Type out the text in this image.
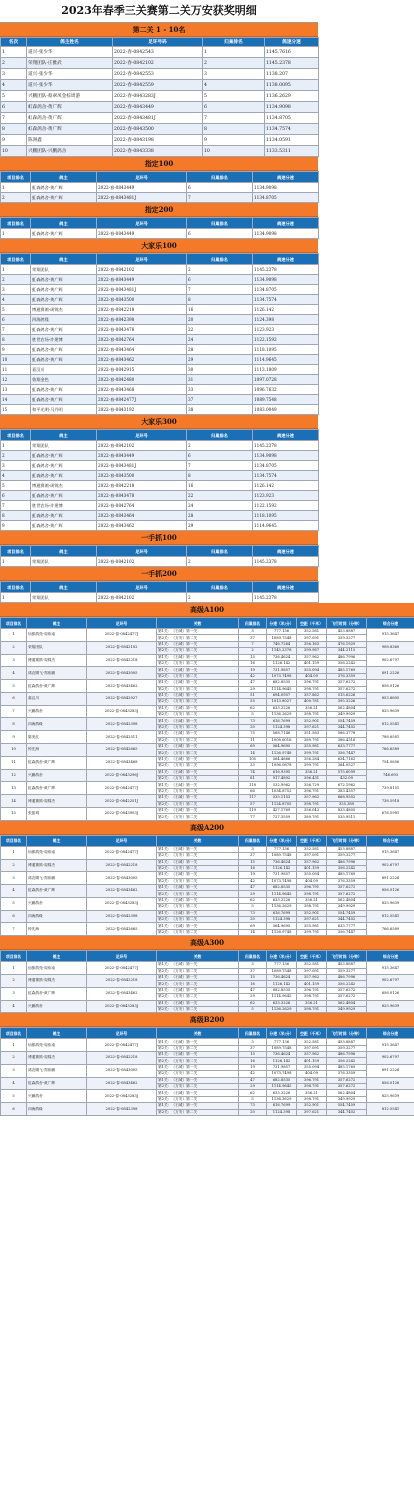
2023年春季三关赛第二关万安获奖明细
第二关 1 - 10名
名次	鸽主姓名	足环号码	归巢排名	鸽速分速
1	道兴-张少华	2022-春-0842543	1	1145.7616
2	荣翔团队-庄雅武	2022-春-0842102	2	1145.2378
3	道兴-张少华	2022-春-0842553	3	1138.207
4	道兴-张少华	2022-春-0842559	4	1138.0095
5	兴鹏团队-蔡翠凤金棕周游	2022-春-0843283J	5	1136.2629
6	虹森鸽舍-黄广辉	2022-春-0843449	6	1134.9098
7	虹森鸽舍-黄广辉	2022-春-0843481J	7	1134.8705
8	虹森鸽舍-黄广辉	2022-春-0843500	8	1134.7574
9	陈洲鑫	2022-春-0843198	9	1134.0591
10	兴鹏团队-兴鹏鸽舍	2022-春-0843338	10	1133.5311
指定100
项目排名	鸽主	足环号	归巢排名	鸽速分速
1	虹森鸽舍-黄广辉	2022-春-0843449	6	1134.9098
2	虹森鸽舍-黄广辉	2022-春-0843481J	7	1134.8705
指定200
项目排名	鸽主	足环号	归巢排名	鸽速分速
1	虹森鸽舍-黄广辉	2022-春-0843449	6	1134.9098
大家乐100
项目排名	鸽主	足环号	归巢排名	鸽速分速
1	荣翔团队	2022-春-0842102	2	1145.2378
2	虹森鸽舍-黄广辉	2022-春-0843449	6	1134.9098
3	虹森鸽舍-黄广辉	2022-春-0843481J	7	1134.8705
4	虹森鸽舍-黄广辉	2022-春-0843500	8	1134.7574
5	博通赛鸽-周锦杰	2022-春-0842218	16	1126.142
6	四海鸽缘	2022-春-0842398	20	1124.398
7	虹森鸽舍-黄广辉	2022-春-0843478	22	1123.923
8	胜世农场-许建博	2022-春-0842764	24	1122.1592
9	虹森鸽舍-黄广辉	2022-春-0843464	28	1118.1095
10	虹森鸽舍-黄广辉	2022-春-0843462	29	1114.9645
11	嘉汉川	2022-春-0842915	30	1113.1809
12	鲁翔金色	2022-春-0842480	31	1097.0728
13	虹森鸽舍-黄广辉	2022-春-0843468	33	1096.7632
14	虹森鸽舍-黄广辉	2022-春-0842477J	37	1089.7548
15	和平光明-马丹明	2022-春-0843192	38	1083.0049
大家乐300
项目排名	鸽主	足环号	归巢排名	鸽速分速
1	荣翔团队	2022-春-0842102	2	1145.2378
2	虹森鸽舍-黄广辉	2022-春-0843449	6	1134.9098
3	虹森鸽舍-黄广辉	2022-春-0843481J	7	1134.8705
4	虹森鸽舍-黄广辉	2022-春-0843500	8	1134.7574
5	博通赛鸽-周锦杰	2022-春-0842218	16	1126.142
6	虹森鸽舍-黄广辉	2022-春-0843478	22	1123.923
7	胜世农场-许建博	2022-春-0842764	24	1122.1592
8	虹森鸽舍-黄广辉	2022-春-0843464	28	1118.1095
9	虹森鸽舍-黄广辉	2022-春-0843462	29	1114.9645
一手抓100
项目排名	鸽主	足环号	归巢排名	鸽速分速
1	荣翔团队	2022-春-0842102	2	1145.2378
一手抓200
项目排名	鸽主	足环号	归巢排名	鸽速分速
1	荣翔团队	2022-春-0842102	2	1145.2378
高级A100
项目排名	鸽主	足环号	关数	归巢排名	分速（米/分）	空距（千米）	飞行时间（分钟）	综合分速
1	仙都鸽苑-周伟南	2022-春-0842477J	第1关：（石城）第一关	3	777.136	352.581	453.8887	915.3647

			第2关：（万安）第二关	37	1089.7548	397.091	359.3277	

2	荣翔团队	2022-春-0842102	第1关：（石城）第一关	7	746.7264	356.163	476.1929	908.8360

			第2关：（万安）第二关	2	1145.2378	399.987	344.2115	

3	博通赛鸽-周锦杰	2022-春-0842218	第1关：（石城）第一关	15	736.4624	357.962	486.7996	902.6797

			第2关：（万安）第二关	16	1126.142	401.159	356.2242	

4	鸿农腾飞-郑伟鹏	2022-春-0843005	第1关：（石城）第一关	19	731.9857	355.094	485.1769	891.2226

			第2关：（万安）第二关	42	1073.7498	404.09	376.3359	

5	虹森鸽舍-黄广辉	2022-春-0843462	第1关：（石城）第一关	47	682.8535	396.791	357.6272	856.0126

			第2关：（万安）第二关	29	1114.9645	398.791	357.6272	

6	嘉汉川	2022-春-0842927	第1关：（石城）第一关	51	694.0957	357.862	515.6226	853.8605

			第2关：（万安）第二关	55	1013.8027	400.781	395.3226	

7	兴鹏鸽舍	2022-春-0843283J	第1关：（石城）第一关	62	633.3226	356.21	562.4804	825.9639

			第2关：（万安）第二关	5	1136.2629	398.791	349.9929	

8	四海鸽缘	2022-春-0842398	第1关：（石城）第一关	73	616.7699	352.901	554.7459	812.5541

			第2关：（万安）第二关	20	1124.398	397.621	344.7402	

9	陈美红	2022-春-0842511	第1关：（石城）第一关	75	568.7146	351.583	586.3778	788.6581

			第2关：（万安）第二关	11	1008.6016	389.791	386.4316	

10	钟先海	2022-春-0842665	第1关：（石城）第一关	69	564.9695	355.981	633.7777	766.6589

			第2关：（万安）第二关	14	1126.9748	399.791	356.7447	

11	虹森鸽舍-黄广辉	2022-春-0843468	第1关：（石城）第一关	105	564.4666	356.284	634.7162	754.0656

			第2关：（万安）第二关	33	1096.0878	399.791	364.0527	

12	兴鹏鸽舍	2022-春-0843296J	第1关：（石城）第一关	74	616.9395	356.21	575.6099	746.693

			第2关：（万安）第二关	81	917.4892	396.431	432.09	

13	虹森鸽舍-黄广辉	2022-春-0842477J	第1关：（石城）第一关	118	532.9962	356.729	672.1962	739.8151

			第2关：（万安）第二关	66	1034.8752	396.791	383.4357	

14	博通赛鸽-周锦杰	2022-春-0842251J	第1关：（石城）第一关	117	535.1153	357.962	668.9502	738.5918

			第2关：（万安）第二关	57	1124.8705	398.791	355.389	

15	张振城	2022-春-0843903J	第1关：（石城）第一关	119	427.1769	356.043	833.4805	676.5981

			第2关：（万安）第二关	77	727.3559	389.791	535.9511	

高级A200
项目排名	鸽主	足环号	关数	归巢排名	分速（米/分）	空距（千米）	飞行时间（分钟）	综合分速
1	仙都鸽苑-周伟南	2022-春-0842477J	第1关：（石城）第一关	3	777.136	352.581	453.8887	915.3647

			第2关：（万安）第二关	37	1089.7548	397.091	359.3277	

2	博通赛鸽-周锦杰	2022-春-0842218	第1关：（石城）第一关	15	736.4624	357.962	486.7996	902.6797

			第2关：（万安）第二关	16	1126.142	401.159	356.2242	

3	鸿农腾飞-郑伟鹏	2022-春-0843005	第1关：（石城）第一关	19	731.9857	355.094	485.1769	891.2226

			第2关：（万安）第二关	42	1073.7498	404.09	376.3359	

4	虹森鸽舍-黄广辉	2022-春-0843462	第1关：（石城）第一关	47	682.8535	396.791	357.6272	856.0126

			第2关：（万安）第二关	29	1114.9645	398.791	357.6272	

5	兴鹏鸽舍	2022-春-0843283J	第1关：（石城）第一关	62	633.3226	356.21	562.4804	825.9639

			第2关：（万安）第二关	5	1136.2629	398.791	349.9929	

6	四海鸽缘	2022-春-0842398	第1关：（石城）第一关	73	616.7699	352.901	554.7459	812.5541

			第2关：（万安）第二关	20	1124.398	397.621	344.7402	

7	钟先海	2022-春-0842665	第1关：（石城）第一关	69	564.9695	355.981	633.7777	766.6589

			第2关：（万安）第二关	14	1126.9748	399.791	356.7447	

高级A300
项目排名	鸽主	足环号	关数	归巢排名	分速（米/分）	空距（千米）	飞行时间（分钟）	综合分速
1	仙都鸽苑-周伟南	2022-春-0842477J	第1关：（石城）第一关	3	777.136	352.581	453.8887	915.3647

			第2关：（万安）第二关	37	1089.7548	397.091	359.3277	

2	博通赛鸽-周锦杰	2022-春-0842218	第1关：（石城）第一关	15	736.4624	357.962	486.7996	902.6797

			第2关：（万安）第二关	16	1126.142	401.159	356.2242	

3	虹森鸽舍-黄广辉	2022-春-0843462	第1关：（石城）第一关	47	682.8535	396.791	357.6272	856.0126

			第2关：（万安）第二关	29	1114.9645	398.791	357.6272	

4	兴鹏鸽舍	2022-春-0843283J	第1关：（石城）第一关	62	633.3226	356.21	562.4804	825.9639

			第2关：（万安）第二关	5	1136.2629	398.791	349.9929	

高级B200
项目排名	鸽主	足环号	关数	归巢排名	分速（米/分）	空距（千米）	飞行时间（分钟）	综合分速
1	仙都鸽苑-周伟南	2022-春-0842477J	第1关：（石城）第一关	3	777.136	352.581	453.8887	915.3647

			第2关：（万安）第二关	37	1089.7548	397.091	359.3277	

2	博通赛鸽-周锦杰	2022-春-0842218	第1关：（石城）第一关	15	736.4624	357.962	486.7996	902.6797

			第2关：（万安）第二关	16	1126.142	401.159	356.2242	

3	鸿农腾飞-郑伟鹏	2022-春-0843005	第1关：（石城）第一关	19	731.9857	355.094	485.1769	891.2226

			第2关：（万安）第二关	42	1073.7498	404.09	376.3359	

4	虹森鸽舍-黄广辉	2022-春-0843462	第1关：（石城）第一关	47	682.8535	396.791	357.6272	856.0126

			第2关：（万安）第二关	29	1114.9645	398.791	357.6272	

5	兴鹏鸽舍	2022-春-0843283J	第1关：（石城）第一关	62	633.3226	356.21	562.4804	825.9639

			第2关：（万安）第二关	5	1136.2629	398.791	349.9929	

6	四海鸽缘	2022-春-0842398	第1关：（石城）第一关	73	616.7699	352.901	554.7459	812.5541

			第2关：（万安）第二关	20	1124.398	397.621	344.7402	
